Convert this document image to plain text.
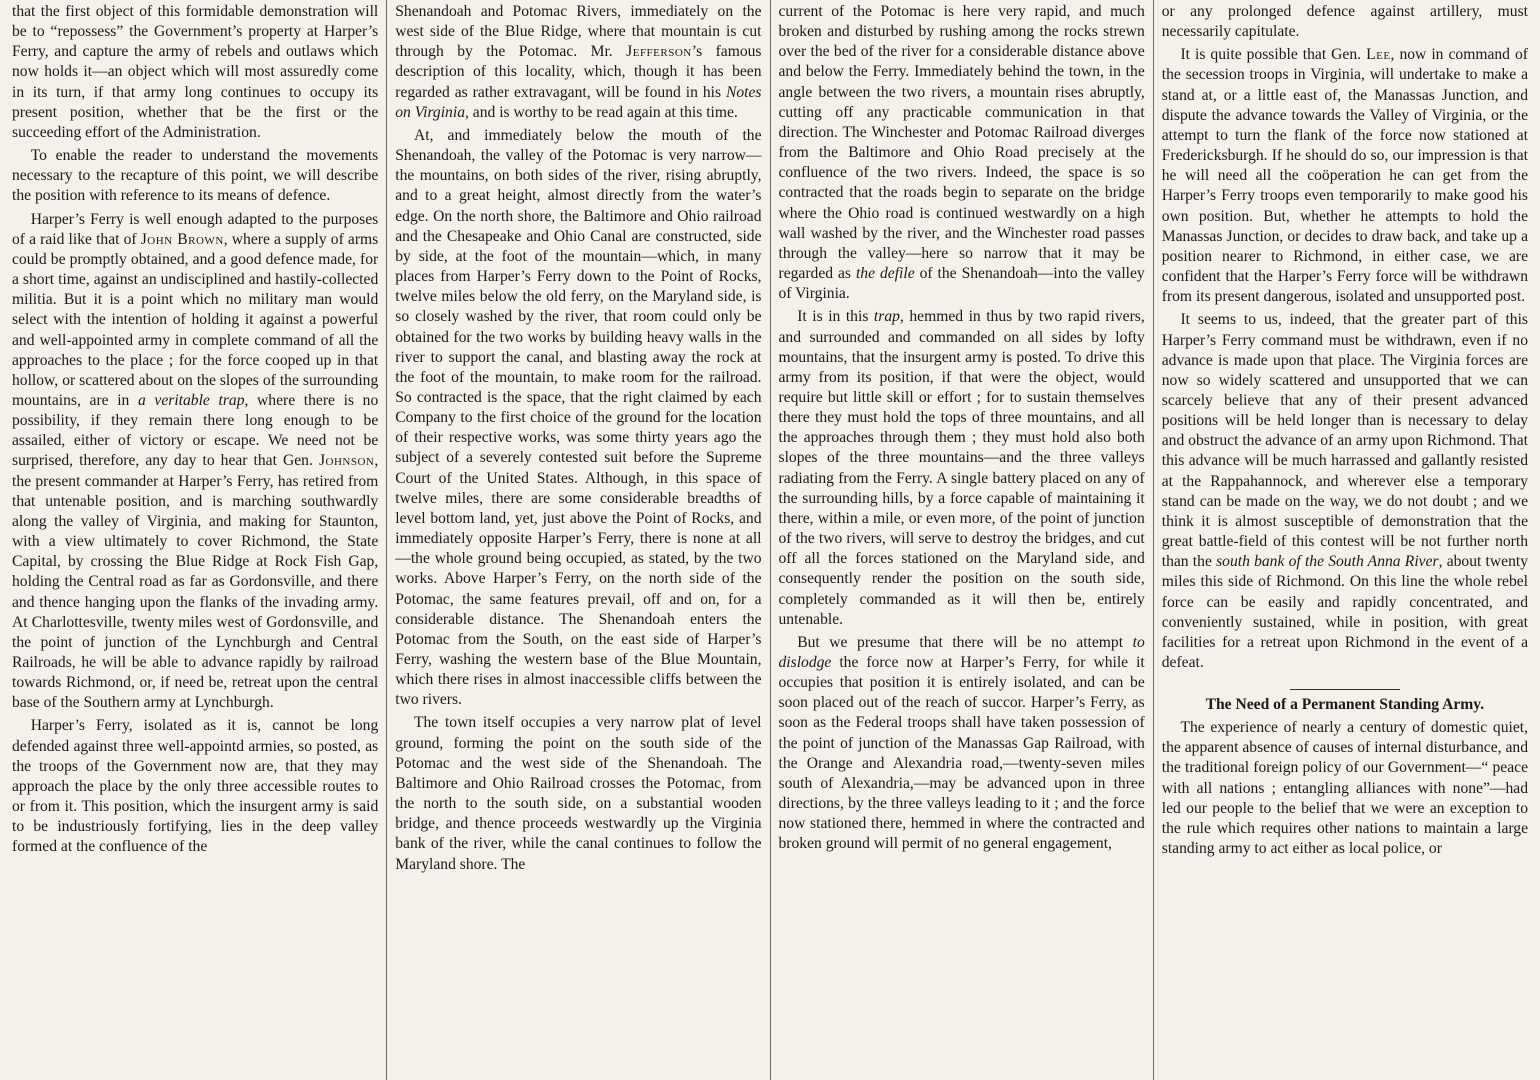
that the first object of this formidable demonstration will be to “repossess” the Government’s property at Harper’s Ferry, and capture the army of rebels and outlaws which now holds it—an object which will most assuredly come in its turn, if that army long continues to occupy its present position, whether that be the first or the succeeding effort of the Administration.

To enable the reader to understand the movements necessary to the recapture of this point, we will describe the position with reference to its means of defence.

Harper’s Ferry is well enough adapted to the purposes of a raid like that of John Brown, where a supply of arms could be promptly obtained, and a good defence made, for a short time, against an undisciplined and hastily-collected militia. But it is a point which no military man would select with the intention of holding it against a powerful and well-appointed army in complete command of all the approaches to the place ; for the force cooped up in that hollow, or scattered about on the slopes of the surrounding mountains, are in a veritable trap, where there is no possibility, if they remain there long enough to be assailed, either of victory or escape. We need not be surprised, therefore, any day to hear that Gen. Johnson, the present commander at Harper’s Ferry, has retired from that untenable position, and is marching southwardly along the valley of Virginia, and making for Staunton, with a view ultimately to cover Richmond, the State Capital, by crossing the Blue Ridge at Rock Fish Gap, holding the Central road as far as Gordonsville, and there and thence hanging upon the flanks of the invading army. At Charlottesville, twenty miles west of Gordonsville, and the point of junction of the Lynchburgh and Central Railroads, he will be able to advance rapidly by railroad towards Richmond, or, if need be, retreat upon the central base of the Southern army at Lynchburgh.

Harper’s Ferry, isolated as it is, cannot be long defended against three well-appointd armies, so posted, as the troops of the Government now are, that they may approach the place by the only three accessible routes to or from it. This position, which the insurgent army is said to be industriously fortifying, lies in the deep valley formed at the confluence of the

Shenandoah and Potomac Rivers, immediately on the west side of the Blue Ridge, where that mountain is cut through by the Potomac. Mr. Jefferson’s famous description of this locality, which, though it has been regarded as rather extravagant, will be found in his Notes on Virginia, and is worthy to be read again at this time.

At, and immediately below the mouth of the Shenandoah, the valley of the Potomac is very narrow—the mountains, on both sides of the river, rising abruptly, and to a great height, almost directly from the water’s edge. On the north shore, the Baltimore and Ohio railroad and the Chesapeake and Ohio Canal are constructed, side by side, at the foot of the mountain—which, in many places from Harper’s Ferry down to the Point of Rocks, twelve miles below the old ferry, on the Maryland side, is so closely washed by the river, that room could only be obtained for the two works by building heavy walls in the river to support the canal, and blasting away the rock at the foot of the mountain, to make room for the railroad. So contracted is the space, that the right claimed by each Company to the first choice of the ground for the location of their respective works, was some thirty years ago the subject of a severely contested suit before the Supreme Court of the United States. Although, in this space of twelve miles, there are some considerable breadths of level bottom land, yet, just above the Point of Rocks, and immediately opposite Harper’s Ferry, there is none at all—the whole ground being occupied, as stated, by the two works. Above Harper’s Ferry, on the north side of the Potomac, the same features prevail, off and on, for a considerable distance. The Shenandoah enters the Potomac from the South, on the east side of Harper’s Ferry, washing the western base of the Blue Mountain, which there rises in almost inaccessible cliffs between the two rivers.

The town itself occupies a very narrow plat of level ground, forming the point on the south side of the Potomac and the west side of the Shenandoah. The Baltimore and Ohio Railroad crosses the Potomac, from the north to the south side, on a substantial wooden bridge, and thence proceeds westwardly up the Virginia bank of the river, while the canal continues to follow the Maryland shore. The

current of the Potomac is here very rapid, and much broken and disturbed by rushing among the rocks strewn over the bed of the river for a considerable distance above and below the Ferry. Immediately behind the town, in the angle between the two rivers, a mountain rises abruptly, cutting off any practicable communication in that direction. The Winchester and Potomac Railroad diverges from the Baltimore and Ohio Road precisely at the confluence of the two rivers. Indeed, the space is so contracted that the roads begin to separate on the bridge where the Ohio road is continued westwardly on a high wall washed by the river, and the Winchester road passes through the valley—here so narrow that it may be regarded as the defile of the Shenandoah—into the valley of Virginia.

It is in this trap, hemmed in thus by two rapid rivers, and surrounded and commanded on all sides by lofty mountains, that the insurgent army is posted. To drive this army from its position, if that were the object, would require but little skill or effort ; for to sustain themselves there they must hold the tops of three mountains, and all the approaches through them ; they must hold also both slopes of the three mountains—and the three valleys radiating from the Ferry. A single battery placed on any of the surrounding hills, by a force capable of maintaining it there, within a mile, or even more, of the point of junction of the two rivers, will serve to destroy the bridges, and cut off all the forces stationed on the Maryland side, and consequently render the position on the south side, completely commanded as it will then be, entirely untenable.

But we presume that there will be no attempt to dislodge the force now at Harper’s Ferry, for while it occupies that position it is entirely isolated, and can be soon placed out of the reach of succor. Harper’s Ferry, as soon as the Federal troops shall have taken possession of the point of junction of the Manassas Gap Railroad, with the Orange and Alexandria road,—twenty-seven miles south of Alexandria,—may be advanced upon in three directions, by the three valleys leading to it ; and the force now stationed there, hemmed in where the contracted and broken ground will permit of no general engagement,

or any prolonged defence against artillery, must necessarily capitulate.

It is quite possible that Gen. Lee, now in command of the secession troops in Virginia, will undertake to make a stand at, or a little east of, the Manassas Junction, and dispute the advance towards the Valley of Virginia, or the attempt to turn the flank of the force now stationed at Fredericksburgh. If he should do so, our impression is that he will need all the coöperation he can get from the Harper’s Ferry troops even temporarily to make good his own position. But, whether he attempts to hold the Manassas Junction, or decides to draw back, and take up a position nearer to Richmond, in either case, we are confident that the Harper’s Ferry force will be withdrawn from its present dangerous, isolated and unsupported post.

It seems to us, indeed, that the greater part of this Harper’s Ferry command must be withdrawn, even if no advance is made upon that place. The Virginia forces are now so widely scattered and unsupported that we can scarcely believe that any of their present advanced positions will be held longer than is necessary to delay and obstruct the advance of an army upon Richmond. That this advance will be much harrassed and gallantly resisted at the Rappahannock, and wherever else a temporary stand can be made on the way, we do not doubt ; and we think it is almost susceptible of demonstration that the great battle-field of this contest will be not further north than the south bank of the South Anna River, about twenty miles this side of Richmond. On this line the whole rebel force can be easily and rapidly concentrated, and conveniently sustained, while in position, with great facilities for a retreat upon Richmond in the event of a defeat.

The Need of a Permanent Standing Army.

The experience of nearly a century of domestic quiet, the apparent absence of causes of internal disturbance, and the traditional foreign policy of our Government—“ peace with all nations ; entangling alliances with none”—had led our people to the belief that we were an exception to the rule which requires other nations to maintain a large standing army to act either as local police, or
